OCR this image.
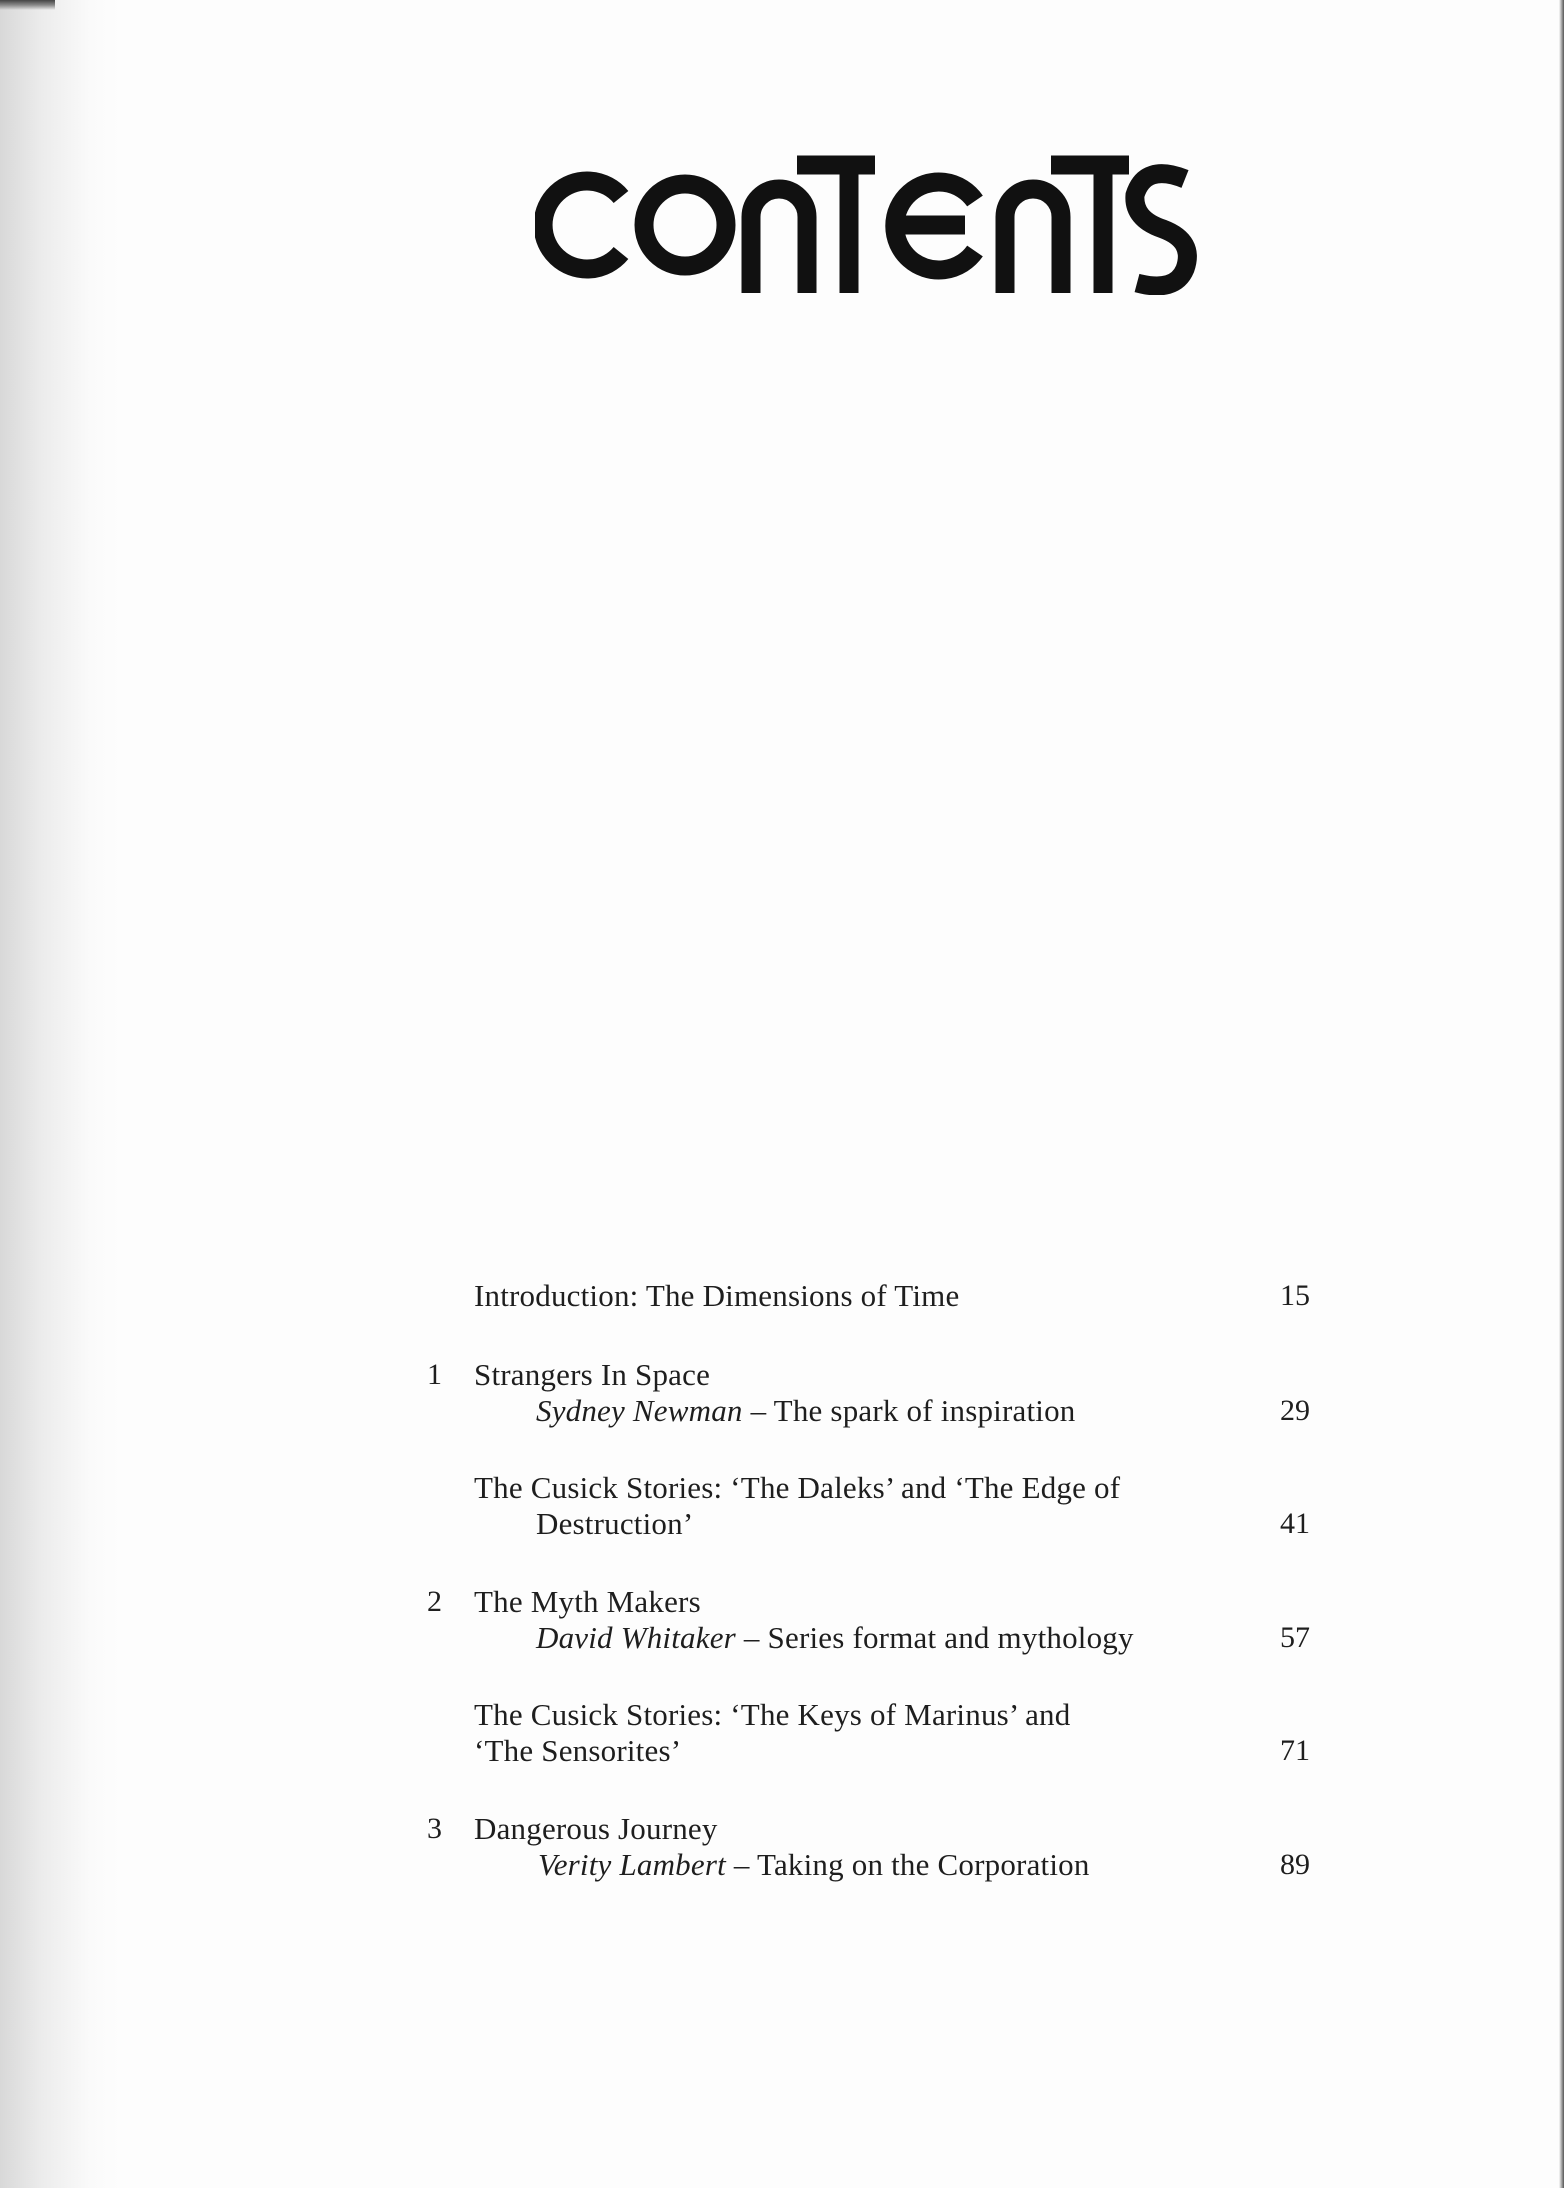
Introduction: The Dimensions of Time	15
1 Strangers In Space
Sydney Newman – The spark of inspiration	29
The Cusick Stories: ‘The Daleks’ and ‘The Edge of
Destruction’	41
2 The Myth Makers
David Whitaker – Series format and mythology	57
The Cusick Stories: ‘The Keys of Marinus’ and
‘The Sensorites’	71
3 Dangerous Journey
Verity Lambert – Taking on the Corporation	89
